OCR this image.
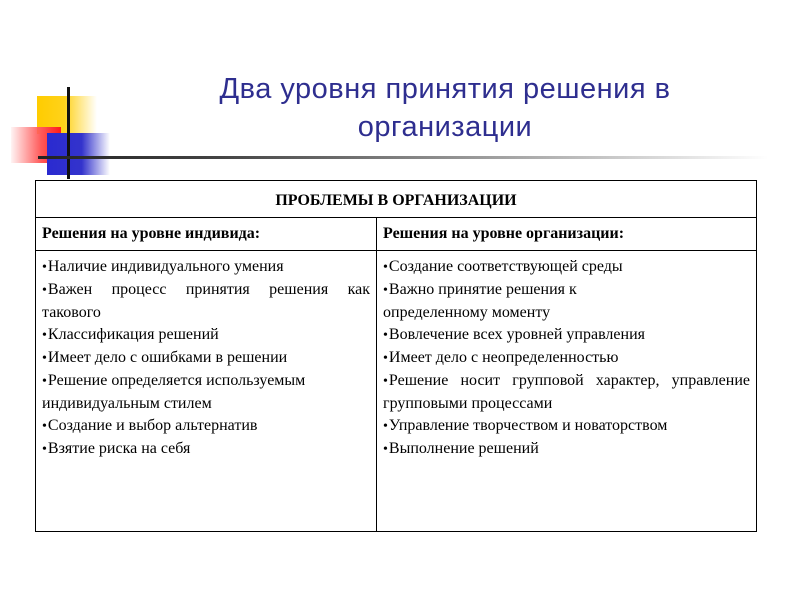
Два уровня принятия решения в организации
ПРОБЛЕМЫ В ОРГАНИЗАЦИИ	
Решения на уровне индивида:	Решения на уровне организации:

•Наличие индивидуального умения
•Важен процесс принятия решения как такового
•Классификация решений
•Имеет дело с ошибками в решении
•Решение определяется используемым индивидуальным стилем
•Создание и выбор альтернатив
•Взятие риска на себя

•Создание соответствующей среды
•Важно принятие решения к определенному моменту
•Вовлечение всех уровней управления
•Имеет дело с неопределенностью
•Решение носит групповой характер, управление групповыми процессами
•Управление творчеством и новаторством
•Выполнение решений
